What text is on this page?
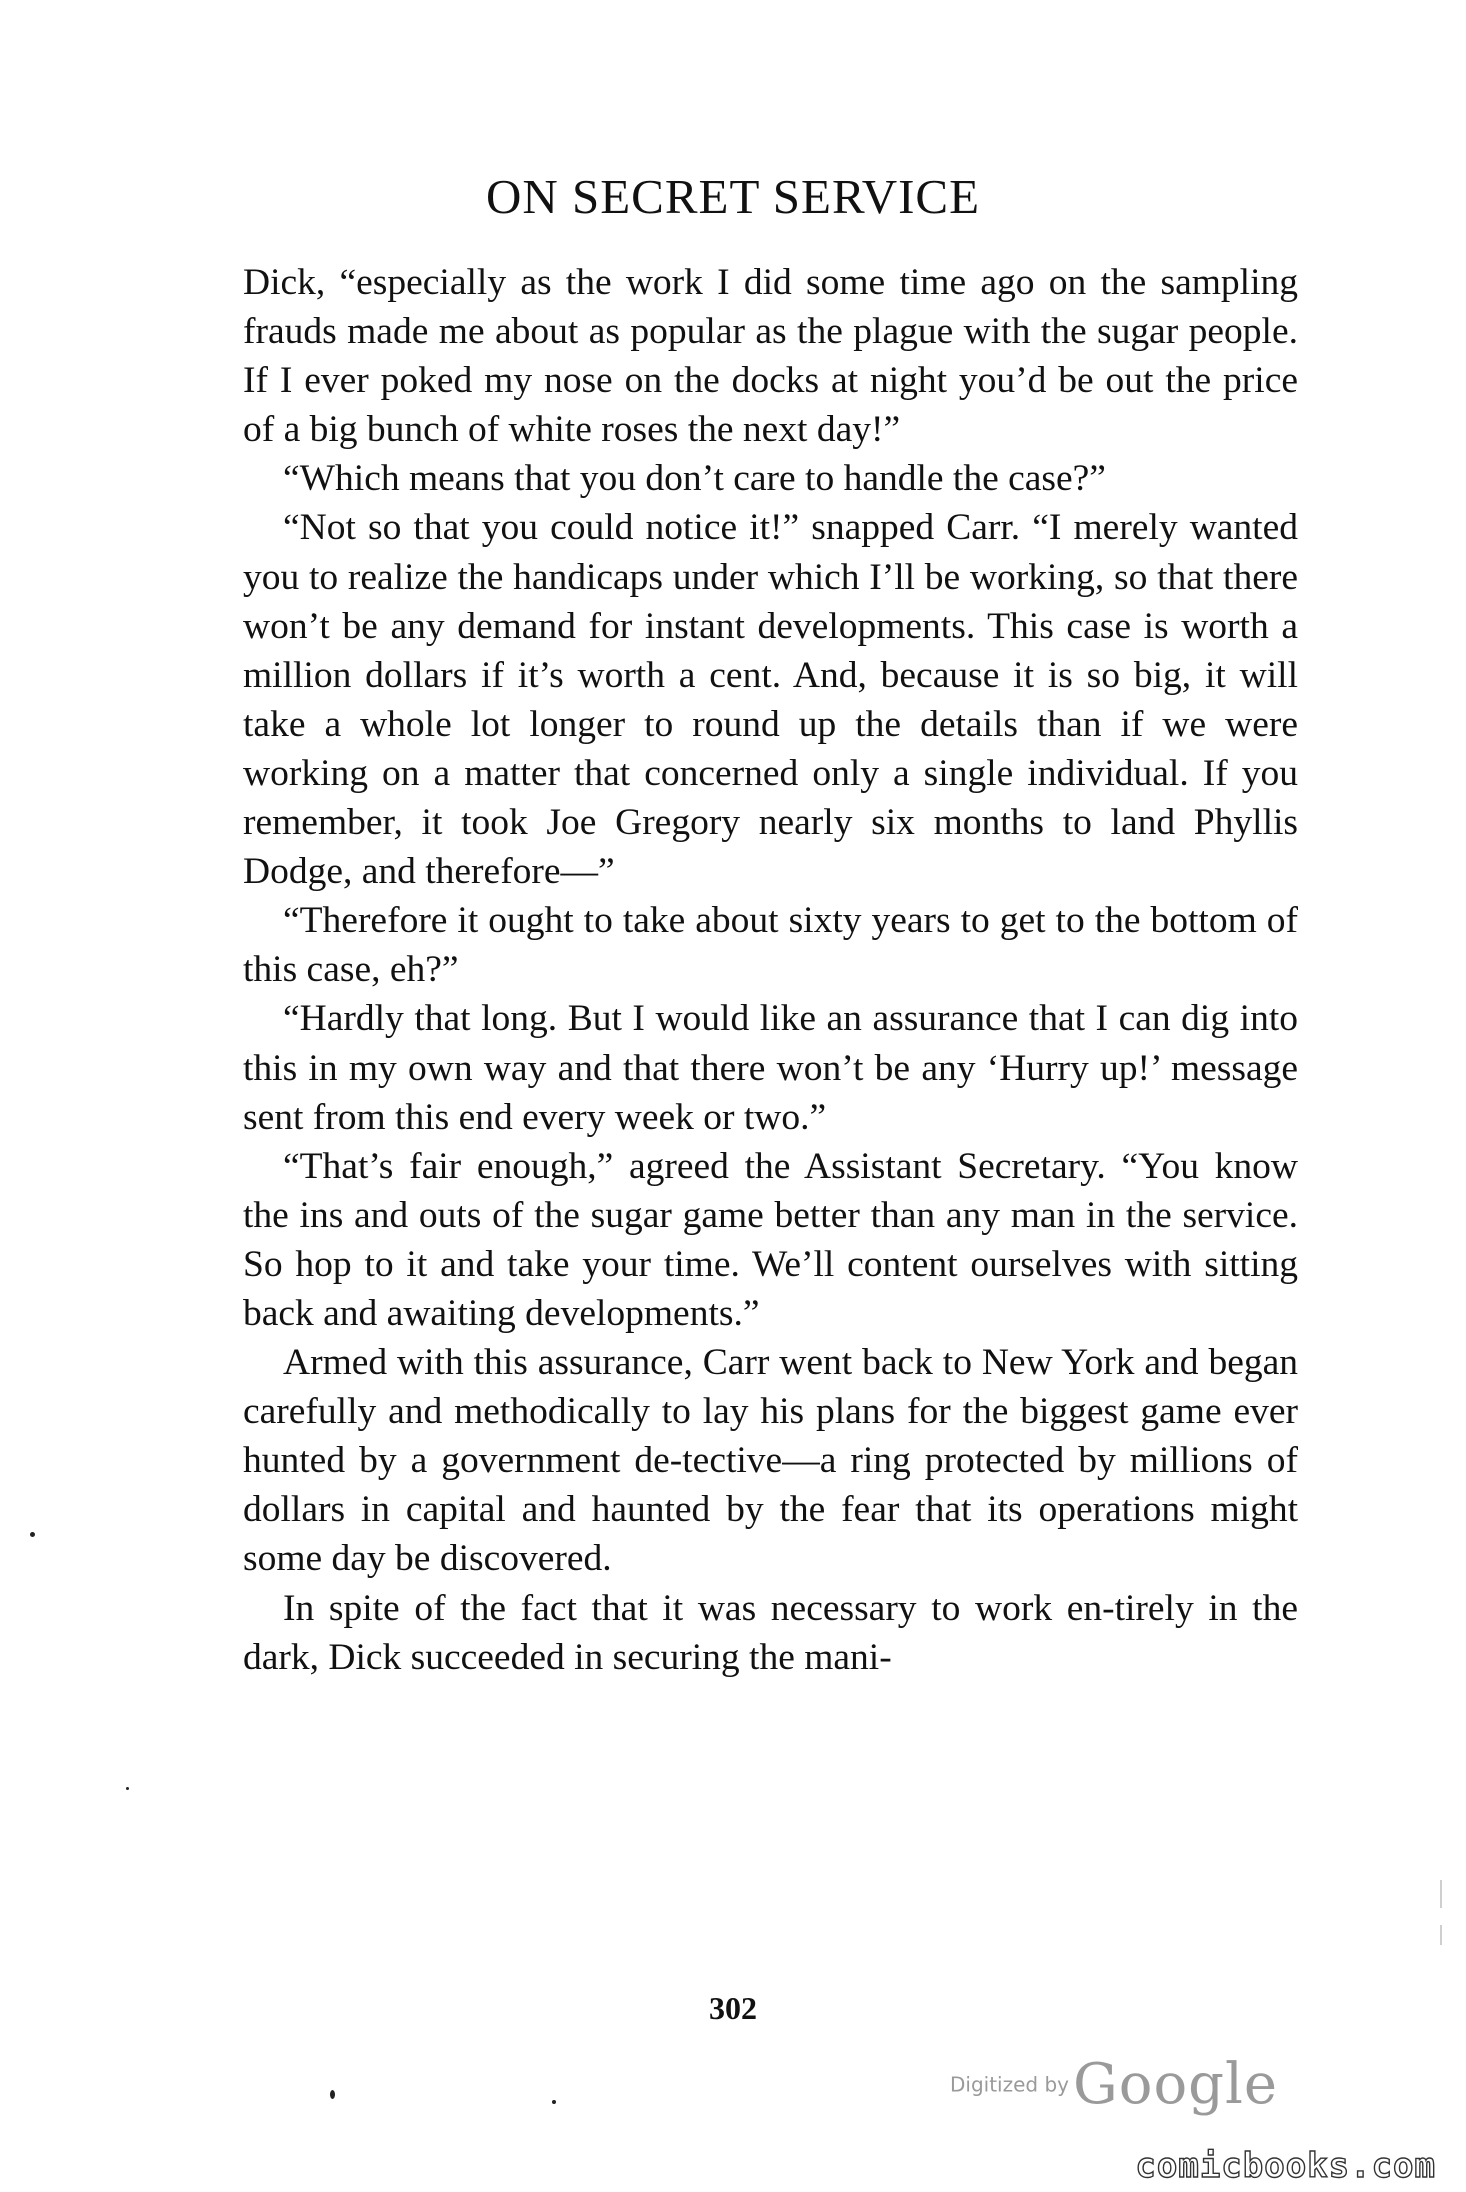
ON SECRET SERVICE

Dick, “especially as the work I did some time ago on the sampling frauds made me about as popular as the plague with the sugar people. If I ever poked my nose on the docks at night you’d be out the price of a big bunch of white roses the next day!”

“Which means that you don’t care to handle the case?”

“Not so that you could notice it!” snapped Carr. “I merely wanted you to realize the handicaps under which I’ll be working, so that there won’t be any demand for instant developments. This case is worth a million dollars if it’s worth a cent. And, because it is so big, it will take a whole lot longer to round up the details than if we were working on a matter that concerned only a single individual. If you remember, it took Joe Gregory nearly six months to land Phyllis Dodge, and therefore—”

“Therefore it ought to take about sixty years to get to the bottom of this case, eh?”

“Hardly that long. But I would like an assurance that I can dig into this in my own way and that there won’t be any ‘Hurry up!’ message sent from this end every week or two.”

“That’s fair enough,” agreed the Assistant Secretary. “You know the ins and outs of the sugar game better than any man in the service. So hop to it and take your time. We’ll content ourselves with sitting back and awaiting developments.”

Armed with this assurance, Carr went back to New York and began carefully and methodically to lay his plans for the biggest game ever hunted by a government de-tective—a ring protected by millions of dollars in capital and haunted by the fear that its operations might some day be discovered.

In spite of the fact that it was necessary to work en-tirely in the dark, Dick succeeded in securing the mani-

302
Digitized by Google
comicbooks.com
